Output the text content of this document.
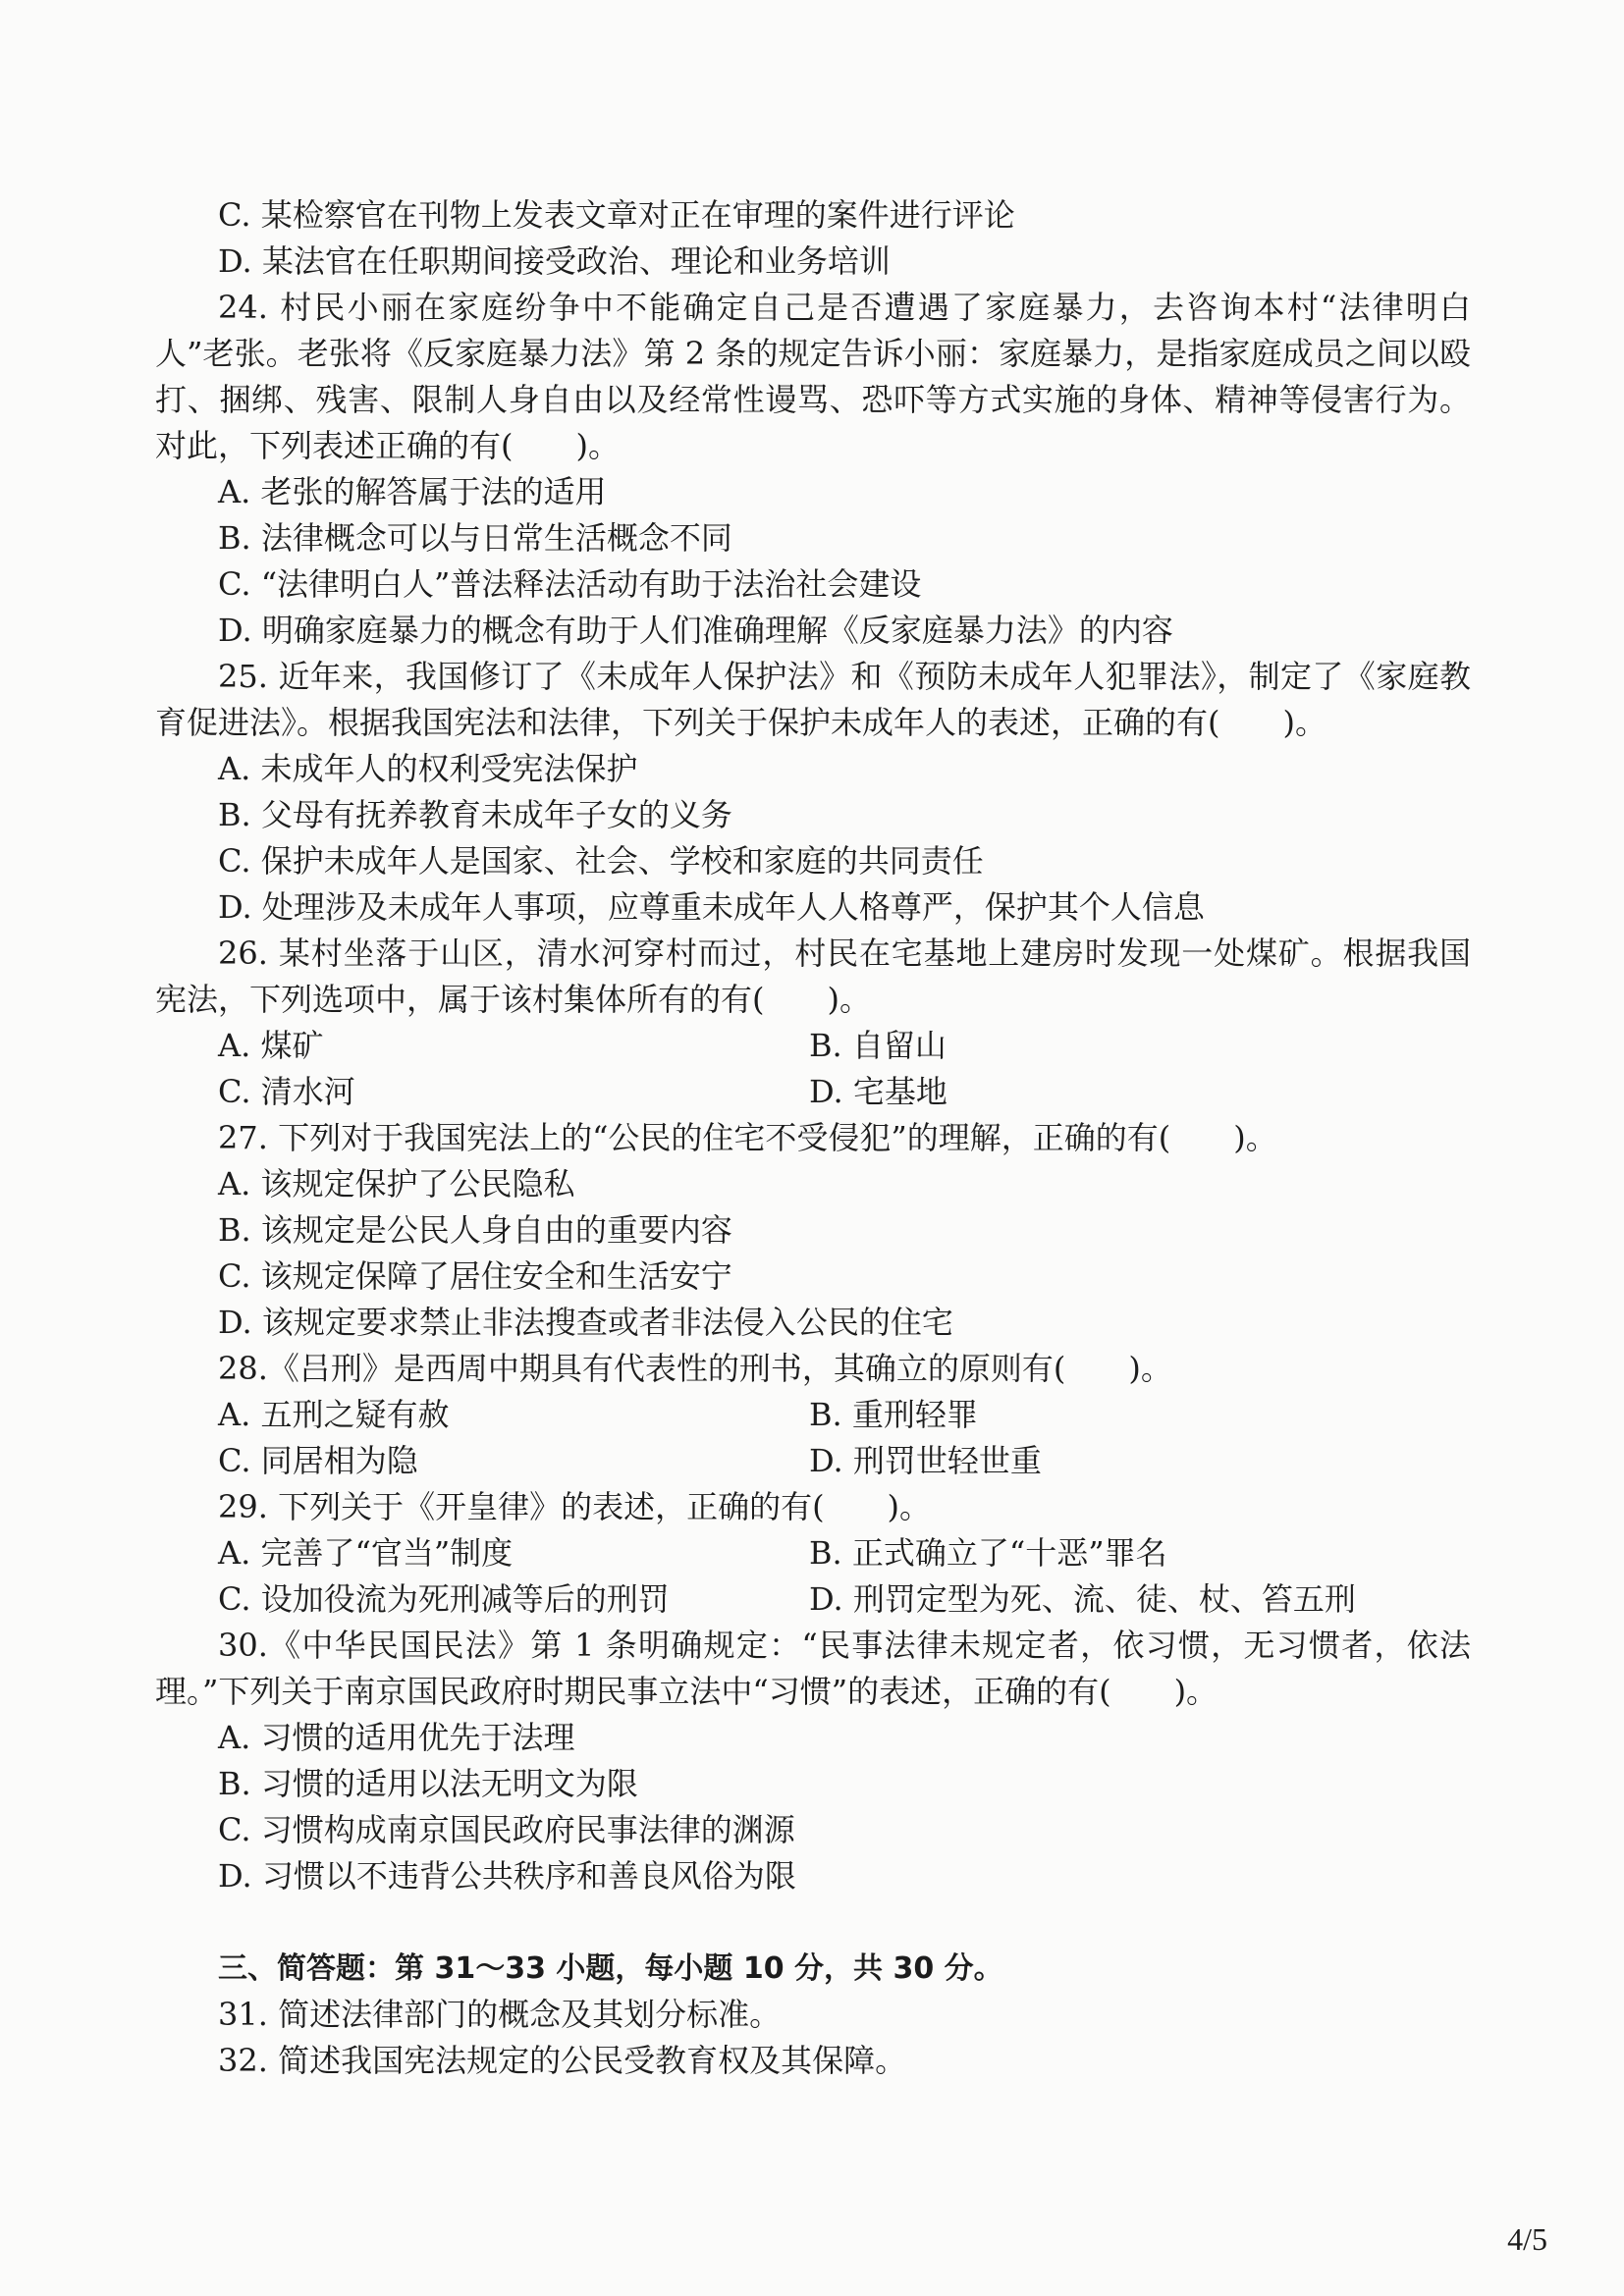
C. 某检察官在刊物上发表文章对正在审理的案件进行评论
D. 某法官在任职期间接受政治、理论和业务培训
24. 村民小丽在家庭纷争中不能确定自己是否遭遇了家庭暴力，去咨询本村“法律明白人”老张。老张将《反家庭暴力法》第 2 条的规定告诉小丽：家庭暴力，是指家庭成员之间以殴打、捆绑、残害、限制人身自由以及经常性谩骂、恐吓等方式实施的身体、精神等侵害行为。对此，下列表述正确的有(　　)。
A. 老张的解答属于法的适用
B. 法律概念可以与日常生活概念不同
C. “法律明白人”普法释法活动有助于法治社会建设
D. 明确家庭暴力的概念有助于人们准确理解《反家庭暴力法》的内容
25. 近年来，我国修订了《未成年人保护法》和《预防未成年人犯罪法》，制定了《家庭教育促进法》。根据我国宪法和法律，下列关于保护未成年人的表述，正确的有(　　)。
A. 未成年人的权利受宪法保护
B. 父母有抚养教育未成年子女的义务
C. 保护未成年人是国家、社会、学校和家庭的共同责任
D. 处理涉及未成年人事项，应尊重未成年人人格尊严，保护其个人信息
26. 某村坐落于山区，清水河穿村而过，村民在宅基地上建房时发现一处煤矿。根据我国宪法，下列选项中，属于该村集体所有的有(　　)。
A. 煤矿	B. 自留山
C. 清水河	D. 宅基地
27. 下列对于我国宪法上的“公民的住宅不受侵犯”的理解，正确的有(　　)。
A. 该规定保护了公民隐私
B. 该规定是公民人身自由的重要内容
C. 该规定保障了居住安全和生活安宁
D. 该规定要求禁止非法搜查或者非法侵入公民的住宅
28.《吕刑》是西周中期具有代表性的刑书，其确立的原则有(　　)。
A. 五刑之疑有赦	B. 重刑轻罪
C. 同居相为隐	D. 刑罚世轻世重
29. 下列关于《开皇律》的表述，正确的有(　　)。
A. 完善了“官当”制度	B. 正式确立了“十恶”罪名
C. 设加役流为死刑减等后的刑罚	D. 刑罚定型为死、流、徒、杖、笞五刑
30.《中华民国民法》第 1 条明确规定：“民事法律未规定者，依习惯，无习惯者，依法理。”下列关于南京国民政府时期民事立法中“习惯”的表述，正确的有(　　)。
A. 习惯的适用优先于法理
B. 习惯的适用以法无明文为限
C. 习惯构成南京国民政府民事法律的渊源
D. 习惯以不违背公共秩序和善良风俗为限
三、简答题：第 31～33 小题，每小题 10 分，共 30 分。
31. 简述法律部门的概念及其划分标准。
32. 简述我国宪法规定的公民受教育权及其保障。
4/5
